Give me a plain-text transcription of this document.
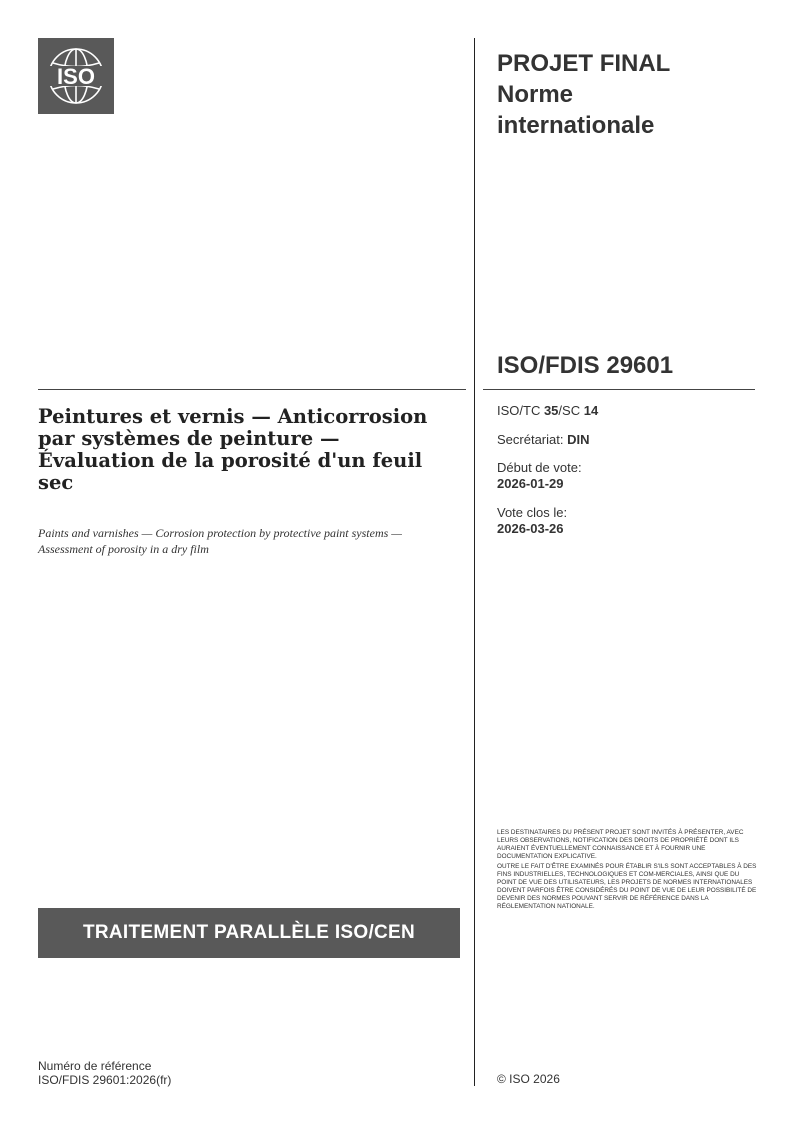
ISO	PROJET FINAL
Norme
internationale
ISO/FDIS 29601
Peintures et vernis — Anticorrosion par systèmes de peinture — Évaluation de la porosité d'un feuil sec
Paints and varnishes — Corrosion protection by protective paint systems — Assessment of porosity in a dry film
ISO/TC 35/SC 14
Secrétariat: DIN
Début de vote:
2026-01-29
Vote clos le:
2026-03-26

LES DESTINATAIRES DU PRÉSENT PROJET SONT INVITÉS À PRÉSENTER, AVEC LEURS OBSERVATIONS, NOTIFICATION DES DROITS DE PROPRIÉTÉ DONT ILS AURAIENT ÉVENTUELLEMENT CONNAISSANCE ET À FOURNIR UNE DOCUMENTATION EXPLICATIVE.

OUTRE LE FAIT D'ÊTRE EXAMINÉS POUR ÉTABLIR S'ILS SONT ACCEPTABLES À DES FINS INDUSTRIELLES, TECHNOLOGIQUES ET COM-MERCIALES, AINSI QUE DU POINT DE VUE DES UTILISATEURS, LES PROJETS DE NORMES INTERNATIONALES DOIVENT PARFOIS ÊTRE CONSIDÉRÉS DU POINT DE VUE DE LEUR POSSIBILITÉ DE DEVENIR DES NORMES POUVANT SERVIR DE RÉFÉRENCE DANS LA RÉGLEMENTATION NATIONALE.

TRAITEMENT PARALLÈLE ISO/CEN
Numéro de référence
ISO/FDIS 29601:2026(fr)	© ISO 2026
